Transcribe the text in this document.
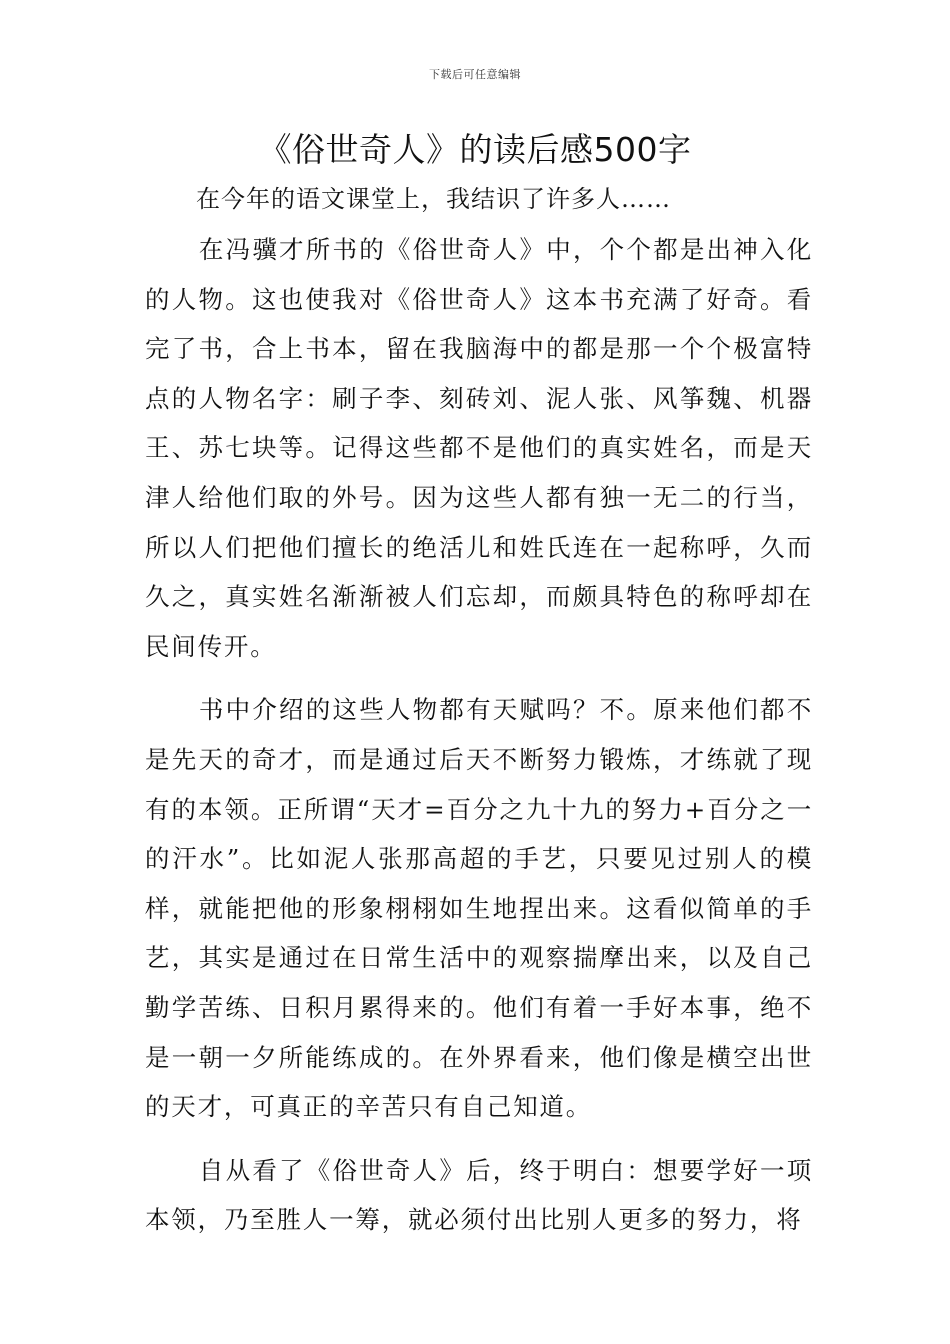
下载后可任意编辑
《俗世奇人》的读后感500字
在今年的语文课堂上，我结识了许多人……

在冯骥才所书的《俗世奇人》中，个个都是出神入化的人物。这也使我对《俗世奇人》这本书充满了好奇。看完了书，合上书本，留在我脑海中的都是那一个个极富特点的人物名字：刷子李、刻砖刘、泥人张、风筝魏、机器王、苏七块等。记得这些都不是他们的真实姓名，而是天津人给他们取的外号。因为这些人都有独一无二的行当，所以人们把他们擅长的绝活儿和姓氏连在一起称呼，久而久之，真实姓名渐渐被人们忘却，而颇具特色的称呼却在民间传开。

书中介绍的这些人物都有天赋吗？不。原来他们都不是先天的奇才，而是通过后天不断努力锻炼，才练就了现有的本领。正所谓“天才=百分之九十九的努力+百分之一的汗水”。比如泥人张那高超的手艺，只要见过别人的模样，就能把他的形象栩栩如生地捏出来。这看似简单的手艺，其实是通过在日常生活中的观察揣摩出来，以及自己勤学苦练、日积月累得来的。他们有着一手好本事，绝不是一朝一夕所能练成的。在外界看来，他们像是横空出世的天才，可真正的辛苦只有自己知道。

自从看了《俗世奇人》后，终于明白：想要学好一项本领，乃至胜人一筹，就必须付出比别人更多的努力，将
